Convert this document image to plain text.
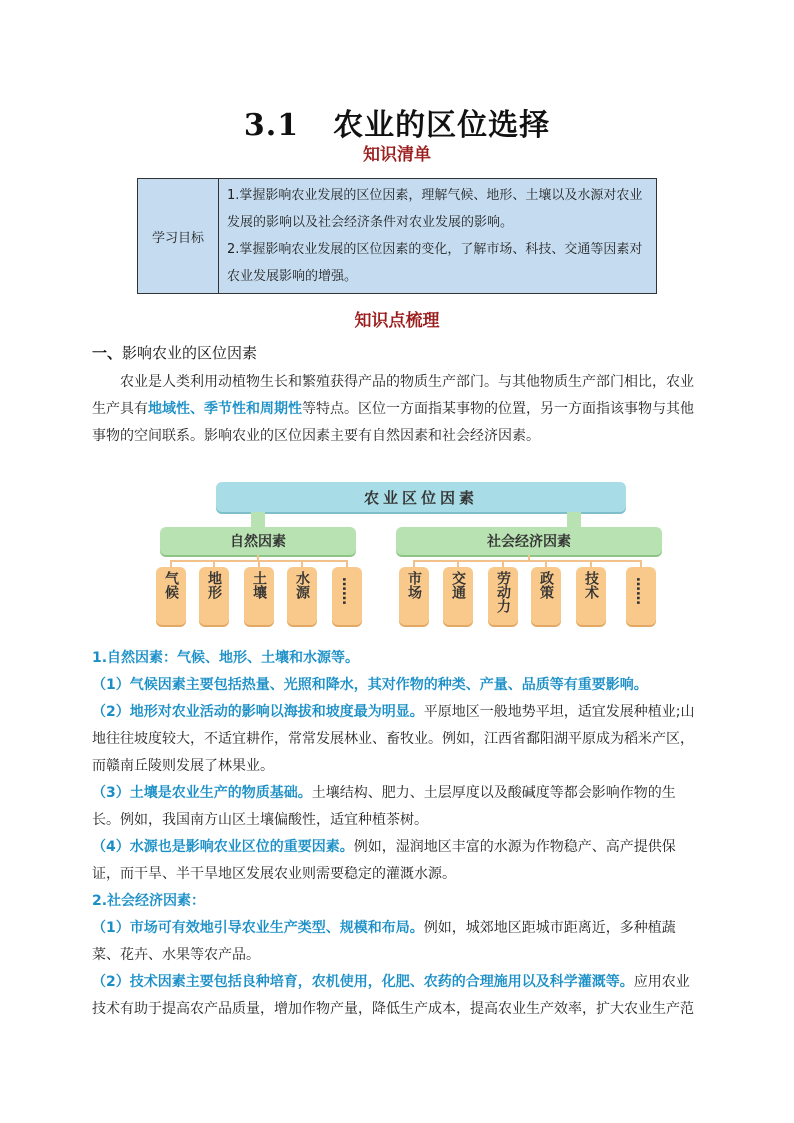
3.1 农业的区位选择
知识清单
学习目标	
1.掌握影响农业发展的区位因素，理解气候、地形、土壤以及水源对农业发展的影响以及社会经济条件对农业发展的影响。
2.掌握影响农业发展的区位因素的变化，了解市场、科技、交通等因素对农业发展影响的增强。
知识点梳理
一、影响农业的区位因素
农业是人类利用动植物生长和繁殖获得产品的物质生产部门。与其他物质生产部门相比，农业生产具有地域性、季节性和周期性等特点。区位一方面指某事物的位置，另一方面指该事物与其他事物的空间联系。影响农业的区位因素主要有自然因素和社会经济因素。
农业区位因素
自然因素	社会经济因素
气候 地形 土壤 水源 ……	市场 交通 劳动力 政策 技术 ……

1.自然因素：气候、地形、土壤和水源等。

（1）气候因素主要包括热量、光照和降水，其对作物的种类、产量、品质等有重要影响。

（2）地形对农业活动的影响以海拔和坡度最为明显。平原地区一般地势平坦，适宜发展种植业;山地往往坡度较大，不适宜耕作，常常发展林业、畜牧业。例如，江西省鄱阳湖平原成为稻米产区，而赣南丘陵则发展了林果业。

（3）土壤是农业生产的物质基础。土壤结构、肥力、土层厚度以及酸碱度等都会影响作物的生长。例如，我国南方山区土壤偏酸性，适宜种植茶树。

（4）水源也是影响农业区位的重要因素。例如，湿润地区丰富的水源为作物稳产、高产提供保证，而干旱、半干旱地区发展农业则需要稳定的灌溉水源。

2.社会经济因素：

（1）市场可有效地引导农业生产类型、规模和布局。例如，城郊地区距城市距离近，多种植蔬菜、花卉、水果等农产品。

（2）技术因素主要包括良种培育，农机使用，化肥、农药的合理施用以及科学灌溉等。应用农业技术有助于提高农产品质量，增加作物产量，降低生产成本，提高农业生产效率，扩大农业生产范
